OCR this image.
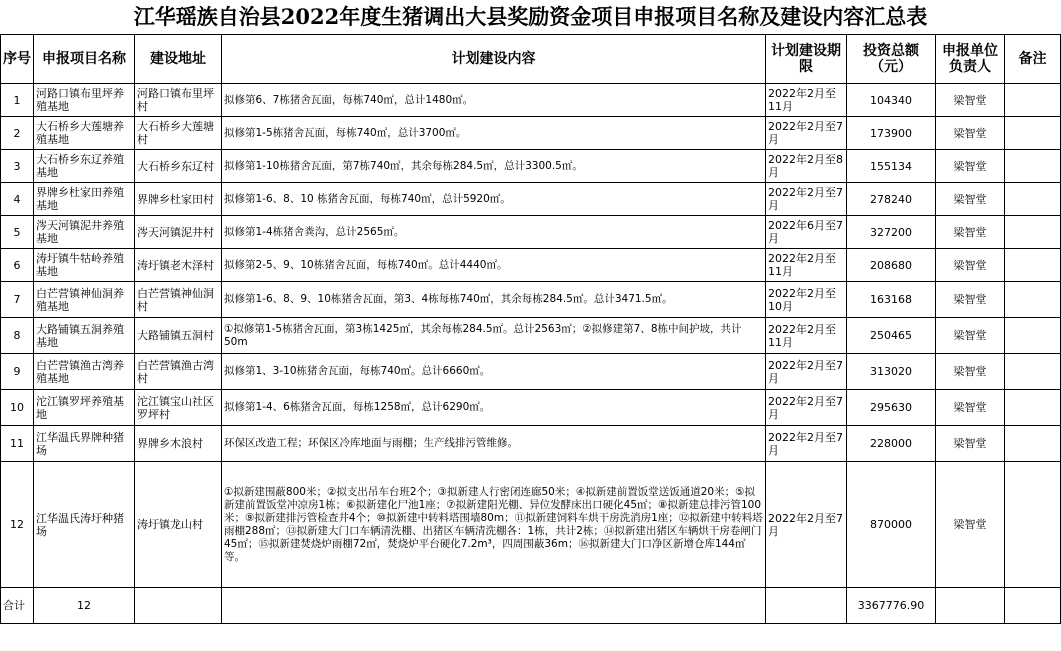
江华瑶族自治县2022年度生猪调出大县奖励资金项目申报项目名称及建设内容汇总表
序号	申报项目名称	建设地址	计划建设内容	计划建设期限	投资总额（元）	申报单位负责人	备注
1	河路口镇布里坪养殖基地	河路口镇布里坪村	拟修第6、7栋猪舍瓦面，每栋740㎡，总计1480㎡。	2022年2月至11月	104340	梁智堂	
2	大石桥乡大莲塘养殖基地	大石桥乡大莲塘村	拟修第1-5栋猪舍瓦面，每栋740㎡，总计3700㎡。	2022年2月至7月	173900	梁智堂	
3	大石桥乡东辽养殖基地	大石桥乡东辽村	拟修第1-10栋猪舍瓦面，第7栋740㎡，其余每栋284.5㎡，总计3300.5㎡。	2022年2月至8月	155134	梁智堂	
4	界牌乡杜家田养殖基地	界牌乡杜家田村	拟修第1-6、8、10 栋猪舍瓦面，每栋740㎡，总计5920㎡。	2022年2月至7月	278240	梁智堂	
5	涔天河镇泥井养殖基地	涔天河镇泥井村	拟修第1-4栋猪舍粪沟，总计2565㎡。	2022年6月至7月	327200	梁智堂	
6	涛圩镇牛牯岭养殖基地	涛圩镇老木泽村	拟修第2-5、9、10栋猪舍瓦面，每栋740㎡。总计4440㎡。	2022年2月至11月	208680	梁智堂	
7	白芒营镇神仙洞养殖基地	白芒营镇神仙洞村	拟修第1-6、8、9、10栋猪舍瓦面，第3、4栋每栋740㎡，其余每栋284.5㎡。总计3471.5㎡。	2022年2月至10月	163168	梁智堂	
8	大路铺镇五洞养殖基地	大路铺镇五洞村	①拟修第1-5栋猪舍瓦面，第3栋1425㎡，其余每栋284.5㎡。总计2563㎡；②拟修建第7、8栋中间护坡，共计50m	2022年2月至11月	250465	梁智堂	
9	白芒营镇渔古湾养殖基地	白芒营镇渔古湾村	拟修第1、3-10栋猪舍瓦面，每栋740㎡。总计6660㎡。	2022年2月至7月	313020	梁智堂	
10	沱江镇罗坪养殖基地	沱江镇宝山社区罗坪村	拟修第1-4、6栋猪舍瓦面，每栋1258㎡，总计6290㎡。	2022年2月至7月	295630	梁智堂	
11	江华温氏界牌种猪场	界牌乡木浪村	环保区改造工程；环保区冷库地面与雨棚；生产线排污管维修。	2022年2月至7月	228000	梁智堂	
12	江华温氏涛圩种猪场	涛圩镇龙山村	①拟新建围蔽800米；②拟支出吊车台班2个；③拟新建人行密闭连廊50米；④拟新建前置饭堂送饭通道20米；⑤拟新建前置饭堂冲凉房1栋；⑥拟新建化尸池1座；⑦拟新建阳光棚、异位发酵床出口硬化45㎡；⑧拟新建总排污管100米；⑨拟新建排污管检查井4个；⑩拟新建中转料塔围墙80m；⑪拟新建饲料车烘干房洗消房1座；⑫拟新建中转料塔雨棚288㎡；⑬拟新建大门口车辆清洗棚、出猪区车辆清洗棚各：1栋，共计2栋；⑭拟新建出猪区车辆烘干房卷闸门45㎡；⑮拟新建焚烧炉雨棚72㎡，焚烧炉平台硬化7.2m³，四周围蔽36m；⑯拟新建大门口净区新增仓库144㎡等。	2022年2月至7月	870000	梁智堂	
合计	12				3367776.90		
